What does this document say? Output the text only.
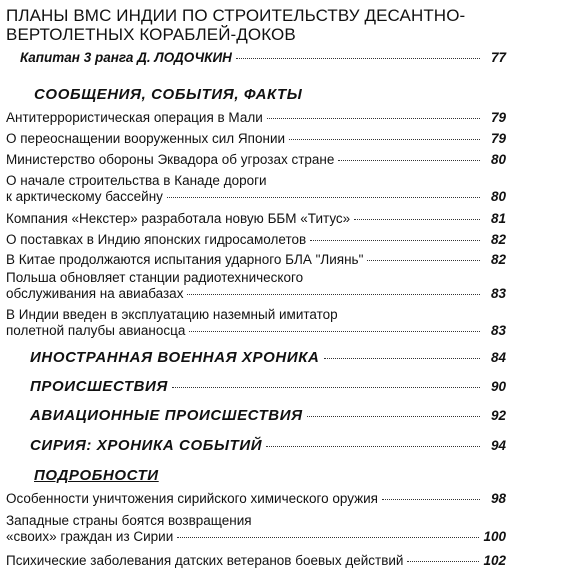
ПЛАНЫ ВМС ИНДИИ ПО СТРОИТЕЛЬСТВУ ДЕСАНТНО-
ВЕРТОЛЕТНЫХ КОРАБЛЕЙ-ДОКОВ
Капитан 3 ранга Д. ЛОДОЧКИН	77
СООБЩЕНИЯ, СОБЫТИЯ, ФАКТЫ
Антитеррористическая операция в Мали	79
О переоснащении вооруженных сил Японии	79
Министерство обороны Эквадора об угрозах стране	80
О начале строительства в Канаде дороги
к арктическому бассейну	80
Компания «Некстер» разработала новую ББМ «Титус»	81
О поставках в Индию японских гидросамолетов	82
В Китае продолжаются испытания ударного БЛА "Лиянь"	82
Польша обновляет станции радиотехнического
обслуживания на авиабазах	83
В Индии введен в эксплуатацию наземный имитатор
полетной палубы авианосца	83
ИНОСТРАННАЯ ВОЕННАЯ ХРОНИКА	84
ПРОИСШЕСТВИЯ	90
АВИАЦИОННЫЕ ПРОИСШЕСТВИЯ	92
СИРИЯ: ХРОНИКА СОБЫТИЙ	94
ПОДРОБНОСТИ
Особенности уничтожения сирийского химического оружия	98
Западные страны боятся возвращения
«своих» граждан из Сирии	100
Психические заболевания датских ветеранов боевых действий	102
